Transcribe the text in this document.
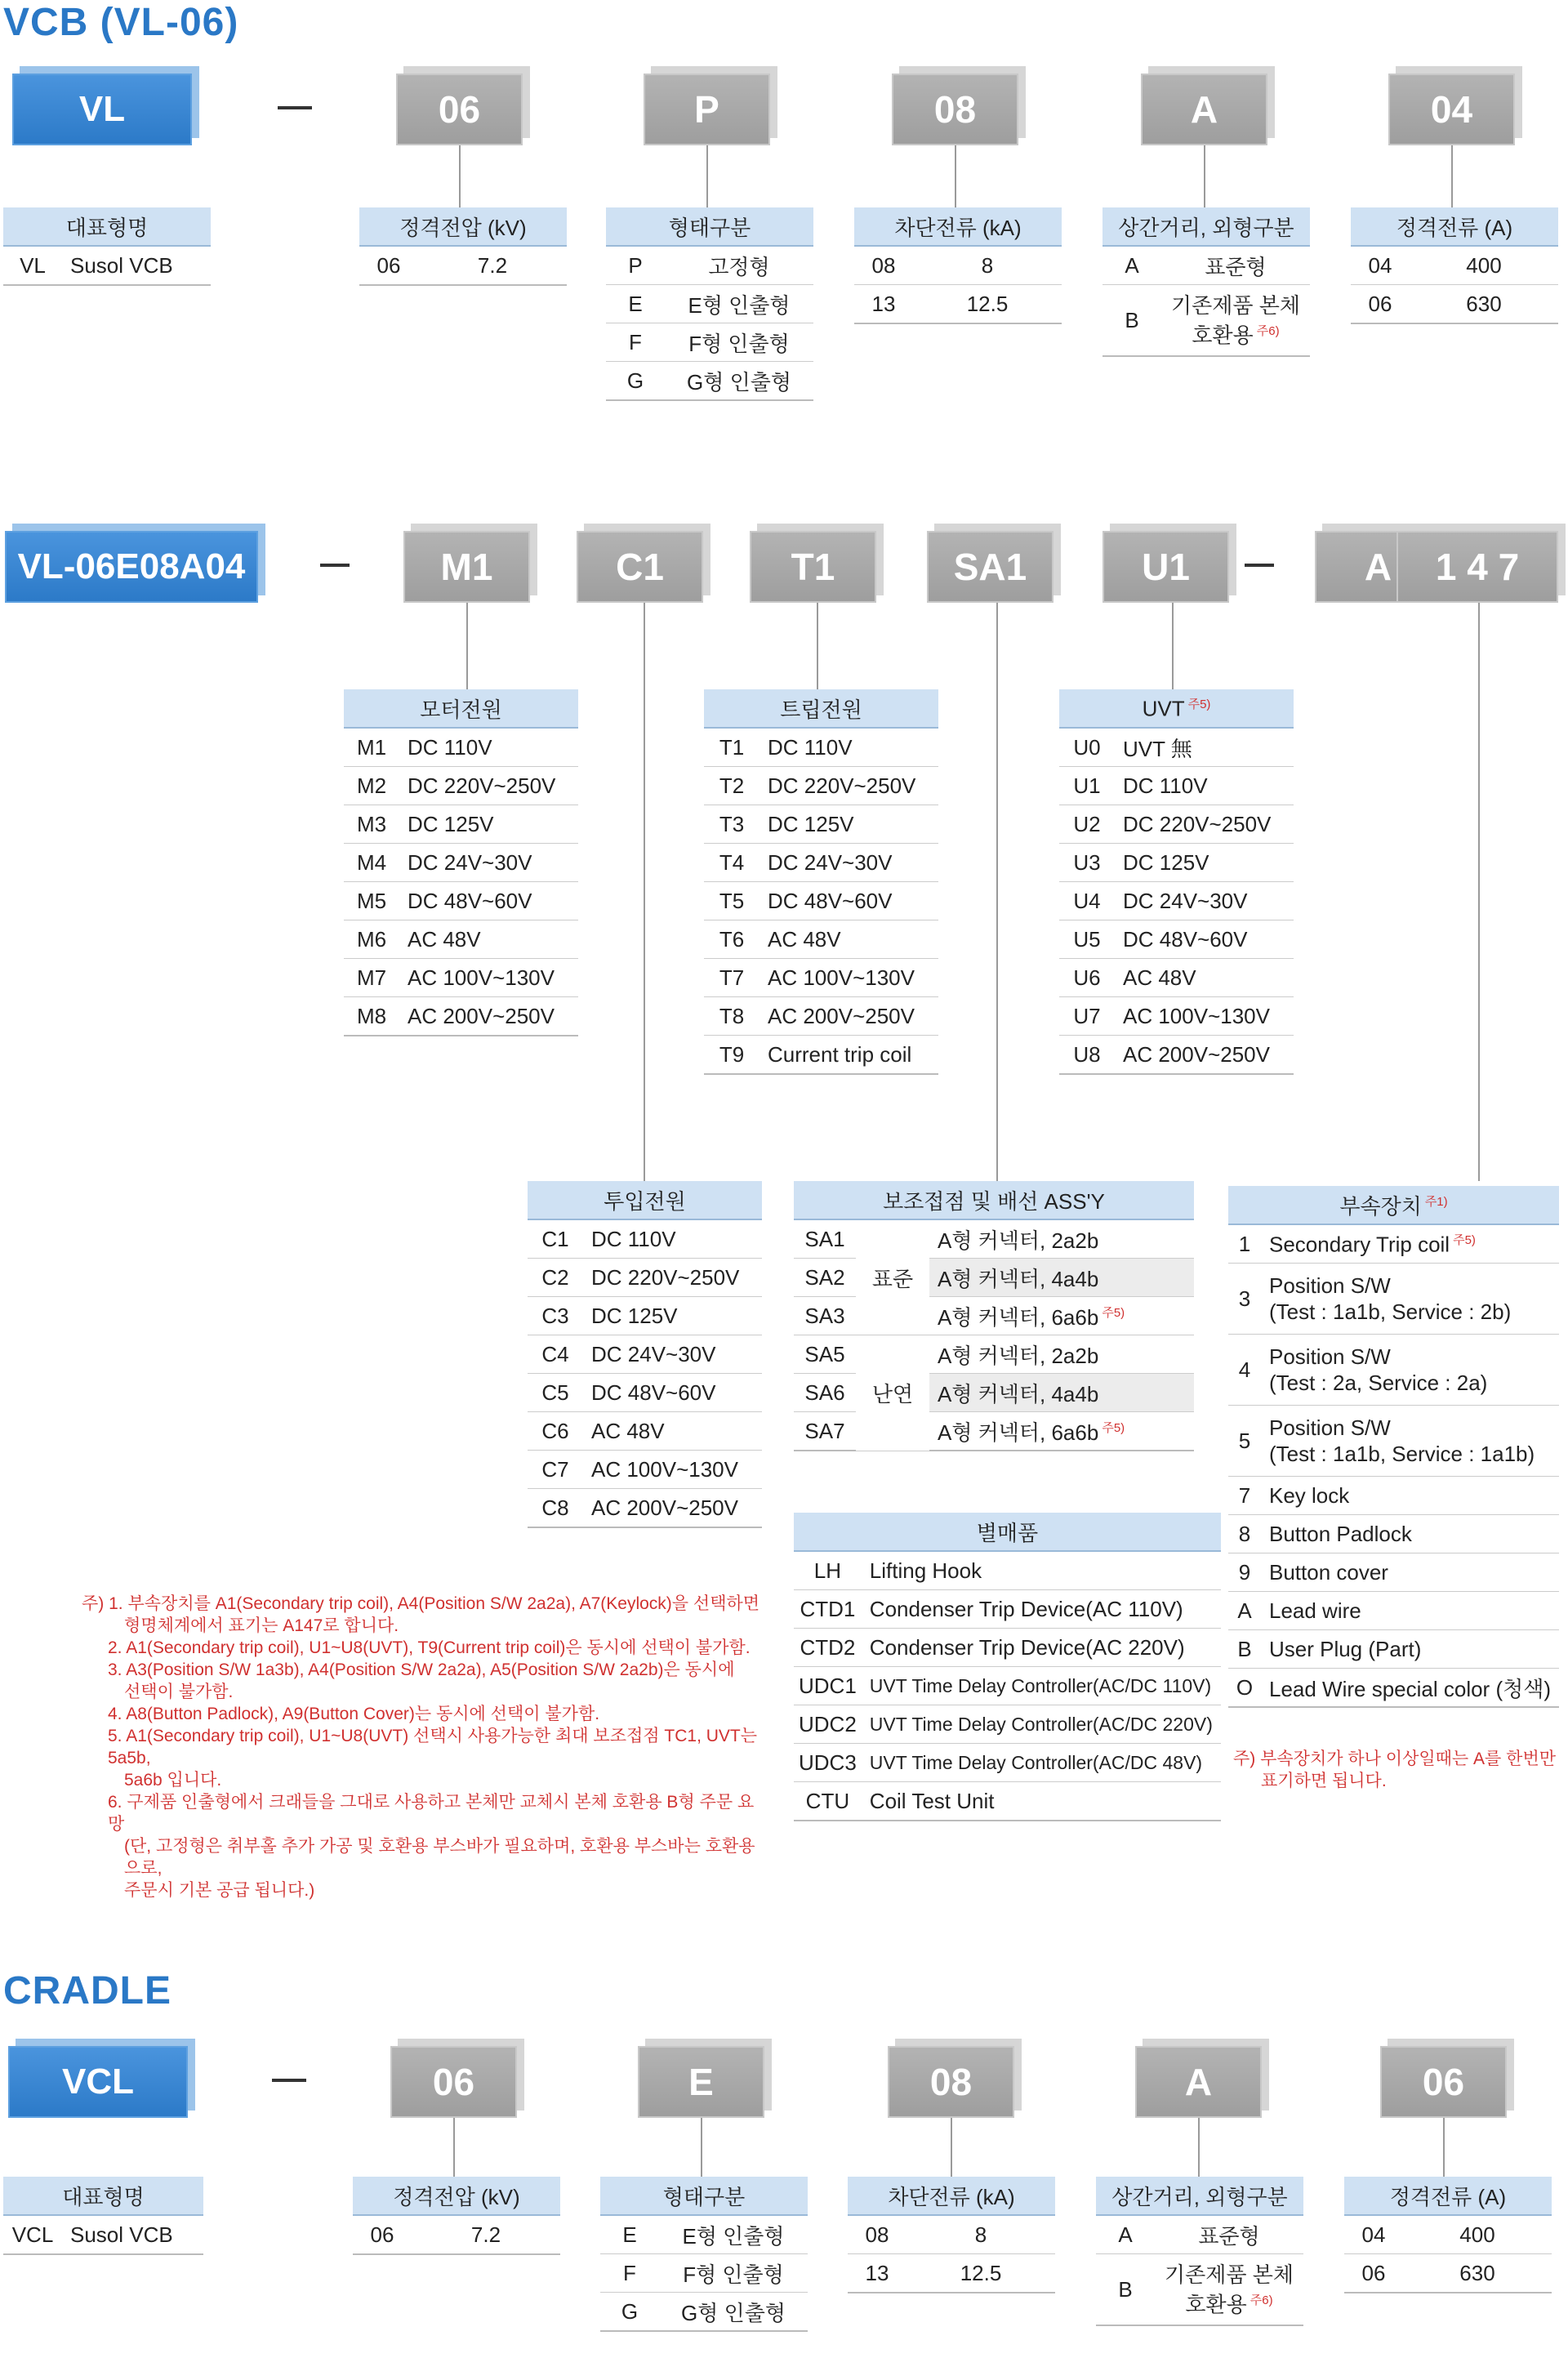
VCB (VL-06)
VL	06	P	08	A	04
대표형명
VL	Susol VCB
정격전압 (kV)
06	7.2
형태구분	
P	고정형
E	E형 인출형
F	F형 인출형
G	G형 인출형
차단전류 (kA)	
08	8
13	12.5
상간거리, 외형구분	
A	표준형
B	기존제품 본체
호환용 $^{주6)}$
정격전류 (A)	
04	400
06	630
VL-06E08A04	M1	C1	T1	SA1	U1	A	1 4 7
모터전원	
M1	DC 110V
M2	DC 220V~250V
M3	DC 125V
M4	DC 24V~30V
M5	DC 48V~60V
M6	AC 48V
M7	AC 100V~130V
M8	AC 200V~250V
트립전원	
T1	DC 110V
T2	DC 220V~250V
T3	DC 125V
T4	DC 24V~30V
T5	DC 48V~60V
T6	AC 48V
T7	AC 100V~130V
T8	AC 200V~250V
T9	Current trip coil
UVT $^{주5)}$
U0	UVT 無
U1	DC 110V
U2	DC 220V~250V
U3	DC 125V
U4	DC 24V~30V
U5	DC 48V~60V
U6	AC 48V
U7	AC 100V~130V
U8	AC 200V~250V
투입전원	
C1	DC 110V
C2	DC 220V~250V
C3	DC 125V
C4	DC 24V~30V
C5	DC 48V~60V
C6	AC 48V
C7	AC 100V~130V
C8	AC 200V~250V
보조접점 및 배선 ASS'Y		
SA1	표준	A형 커넥터, 2a2b
SA2		A형 커넥터, 4a4b
SA3		A형 커넥터, 6a6b $^{주5)}$
SA5	난연	A형 커넥터, 2a2b
SA6		A형 커넥터, 4a4b
SA7		A형 커넥터, 6a6b $^{주5)}$
부속장치 $^{주1)}$
1	Secondary Trip coil $^{주5)}$
3	Position S/W
(Test : 1a1b, Service : 2b)
4	Position S/W
(Test : 2a, Service : 2a)
5	Position S/W
(Test : 1a1b, Service : 1a1b)
7	Key lock
8	Button Padlock
9	Button cover
A	Lead wire
B	User Plug (Part)
O	Lead Wire special color (청색)
주) 부속장치가 하나 이상일때는 A를 한번만
표기하면 됩니다.
별매품	
LH	Lifting Hook
CTD1	Condenser Trip Device(AC 110V)
CTD2	Condenser Trip Device(AC 220V)
UDC1	UVT Time Delay Controller(AC/DC 110V)
UDC2	UVT Time Delay Controller(AC/DC 220V)
UDC3	UVT Time Delay Controller(AC/DC 48V)
CTU	Coil Test Unit
주) 1. 부속장치를 A1(Secondary trip coil), A4(Position S/W 2a2a), A7(Keylock)을 선택하면
형명체계에서 표기는 A147로 합니다.
2. A1(Secondary trip coil), U1~U8(UVT), T9(Current trip coil)은 동시에 선택이 불가함.
3. A3(Position S/W 1a3b), A4(Position S/W 2a2a), A5(Position S/W 2a2b)은 동시에
선택이 불가함.
4. A8(Button Padlock), A9(Button Cover)는 동시에 선택이 불가함.
5. A1(Secondary trip coil), U1~U8(UVT) 선택시 사용가능한 최대 보조접점 TC1, UVT는 5a5b,
5a6b 입니다.
6. 구제품 인출형에서 크래들을 그대로 사용하고 본체만 교체시 본체 호환용 B형 주문 요망
(단, 고정형은 취부홀 추가 가공 및 호환용 부스바가 필요하며, 호환용 부스바는 호환용으로,
주문시 기본 공급 됩니다.)
CRADLE
VCL	06	E	08	A	06
대표형명
VCL	Susol VCB
정격전압 (kV)
06	7.2
형태구분	
E	E형 인출형
F	F형 인출형
G	G형 인출형
차단전류 (kA)	
08	8
13	12.5
상간거리, 외형구분	
A	표준형
B	기존제품 본체
호환용 $^{주6)}$
정격전류 (A)	
04	400
06	630
